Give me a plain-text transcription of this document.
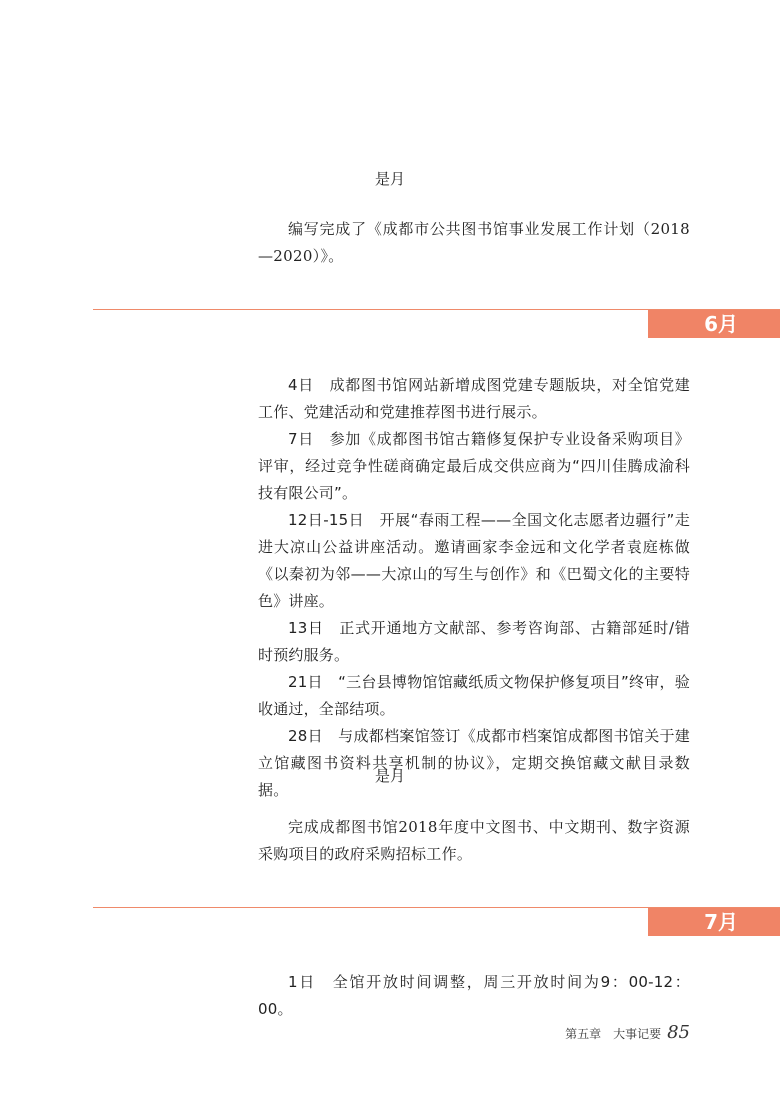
是月

编写完成了《成都市公共图书馆事业发展工作计划（2018—2020）》。

6月

4日　成都图书馆网站新增成图党建专题版块，对全馆党建工作、党建活动和党建推荐图书进行展示。

7日　参加《成都图书馆古籍修复保护专业设备采购项目》评审，经过竞争性磋商确定最后成交供应商为“四川佳腾成渝科技有限公司”。

12日-15日　开展“春雨工程——全国文化志愿者边疆行”走进大凉山公益讲座活动。邀请画家李金远和文化学者袁庭栋做《以秦初为邻——大凉山的写生与创作》和《巴蜀文化的主要特色》讲座。

13日　正式开通地方文献部、参考咨询部、古籍部延时/错时预约服务。

21日　“三台县博物馆馆藏纸质文物保护修复项目”终审，验收通过，全部结项。

28日　与成都档案馆签订《成都市档案馆成都图书馆关于建立馆藏图书资料共享机制的协议》，定期交换馆藏文献目录数据。

是月

完成成都图书馆2018年度中文图书、中文期刊、数字资源采购项目的政府采购招标工作。

7月

1日　全馆开放时间调整，周三开放时间为9：00-12：00。

第五章　大事记要 85
